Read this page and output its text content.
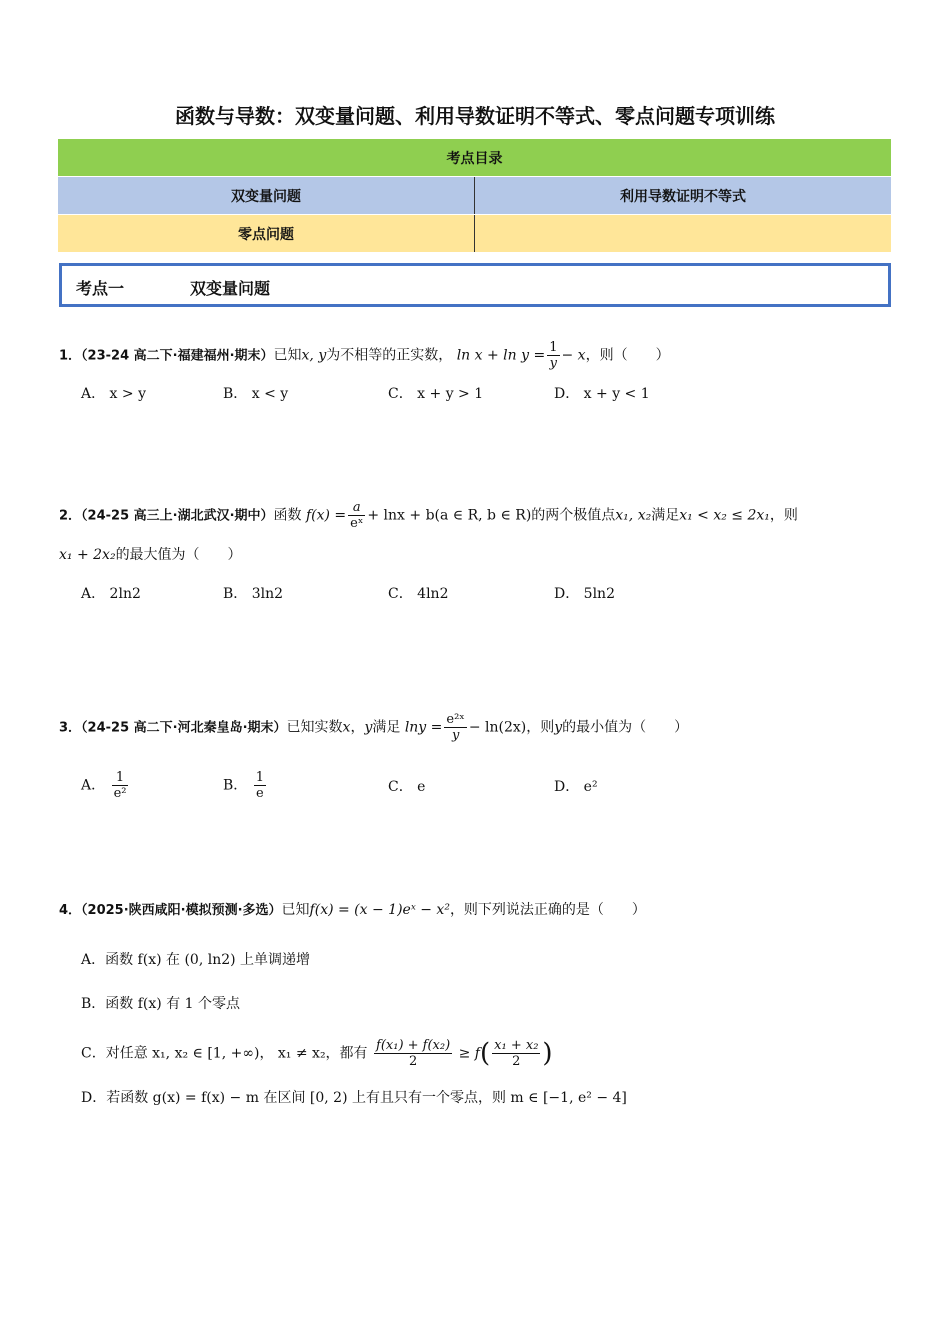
函数与导数：双变量问题、利用导数证明不等式、零点问题专项训练
考点目录	
双变量问题	利用导数证明不等式
零点问题	
考点一	双变量问题
1．（23-24 高二下·福建福州·期末）已知x, y为不相等的正实数， $\ln x + \ln y = \frac{1}{y} - x$，则（　　）
A． x > y	B． x < y	C． x + y > 1	D． x + y < 1
2．（24-25 高三上·湖北武汉·期中）函数 $f(x) = \frac{a}{\text{eˣ}} + \ln x + b(a$ ∈ R, b ∈ R)的两个极值点x₁, x₂满足x₁ < x₂ ≤ 2x₁，则
x₁ + 2x₂的最大值为（　　）
A． 2ln2	B． 3ln2	C． 4ln2	D． 5ln2
3．（24-25 高二下·河北秦皇岛·期末）已知实数x，y满足 $\ln y = \frac{\text{e²ˣ}}{y} - \ln(2x)$，则y的最小值为（　　）
A． $\frac{1}{\text{e²}}$	B． $\frac{1}{e}$	C． e	D． e²
4．（2025·陕西咸阳·模拟预测·多选）已知f(x) = (x − 1)eˣ − x²，则下列说法正确的是（　　）
A．函数 f(x) 在 (0, ln2) 上单调递增
B．函数 f(x) 有 1 个零点
C．对任意 x₁, x₂ ∈ [1, +∞)， x₁ ≠ x₂，都有 $\frac{\text{f(x₁) + f(x₂)}}{2} \ge f( \frac{\text{x₁ + x₂}}{2}$ )
D．若函数 g(x) = f(x) − m 在区间 [0, 2) 上有且只有一个零点，则 m ∈ [−1, e² − 4]
